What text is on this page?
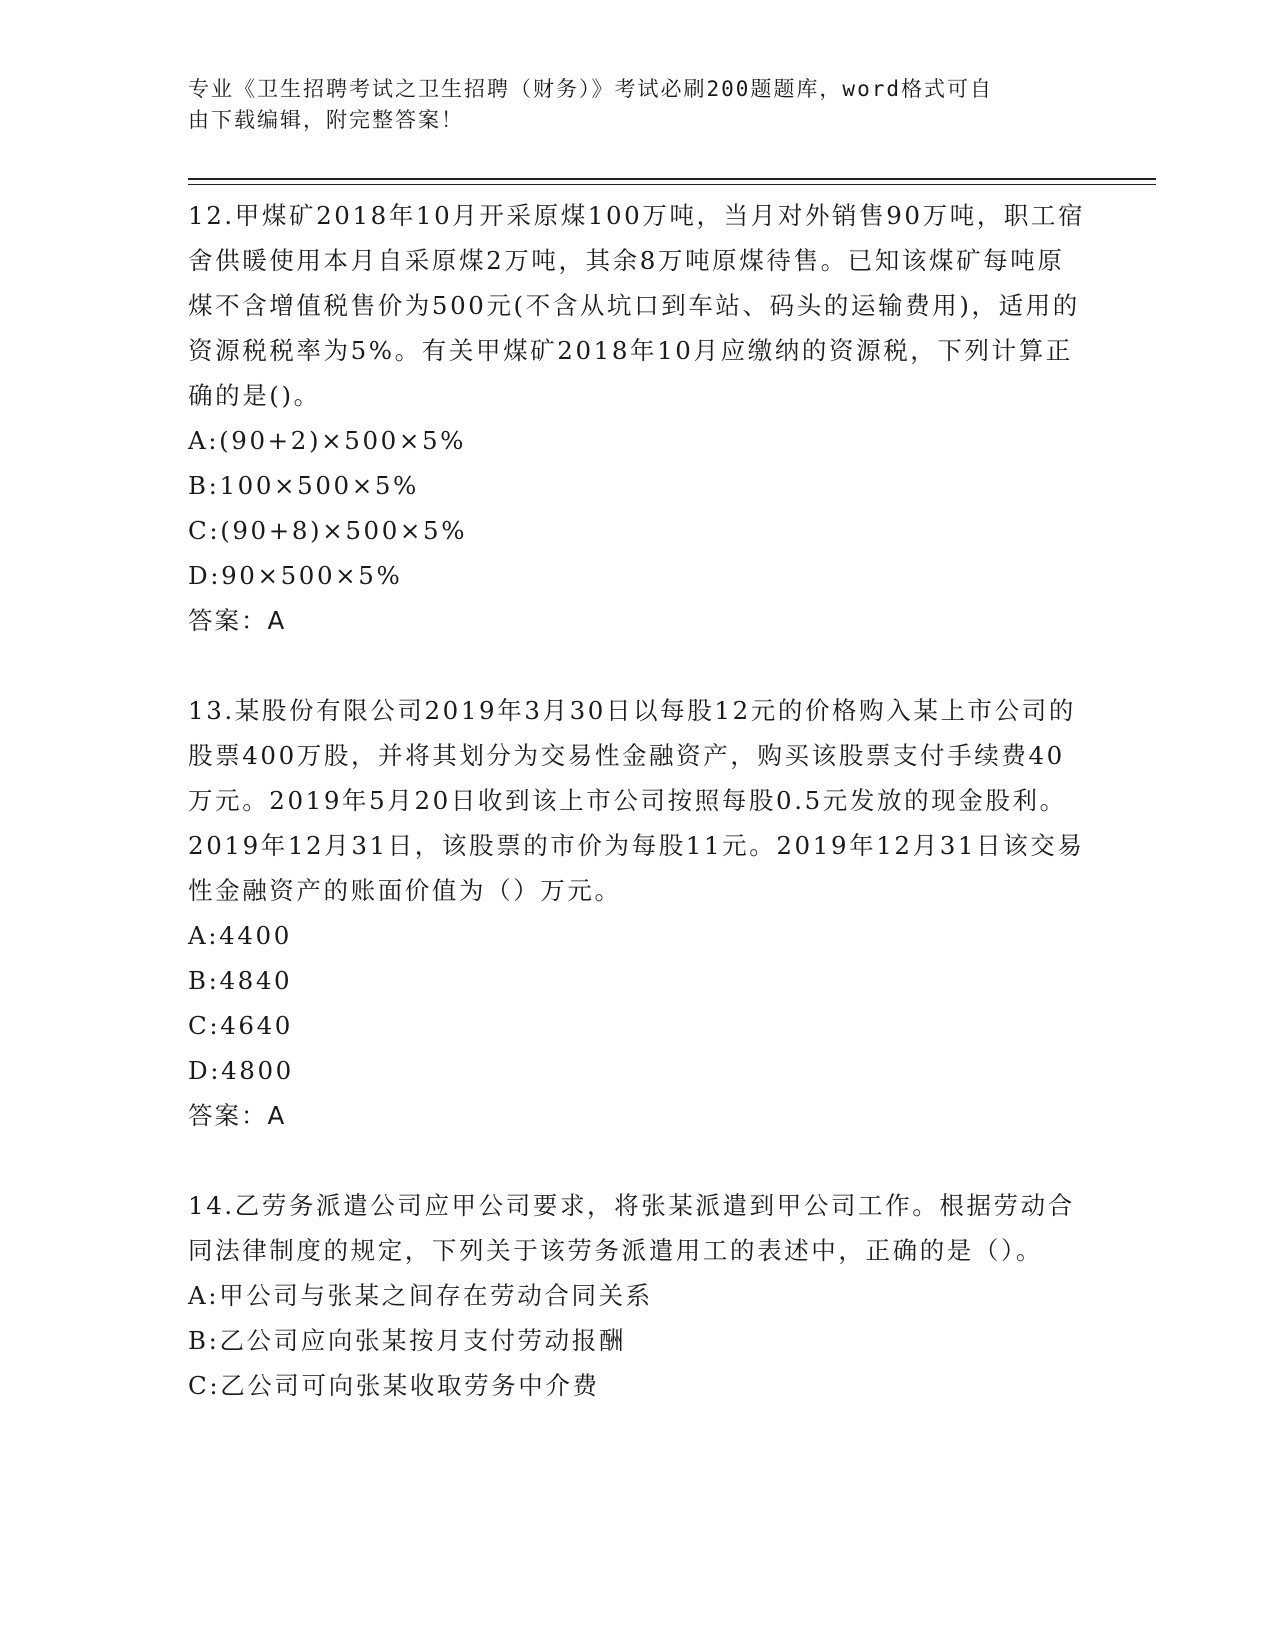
专业《卫生招聘考试之卫生招聘（财务）》考试必刷200题题库，word格式可自
由下载编辑，附完整答案！

12.甲煤矿2018年10月开采原煤100万吨，当月对外销售90万吨，职工宿舍供暖使用本月自采原煤2万吨，其余8万吨原煤待售。已知该煤矿每吨原煤不含增值税售价为500元(不含从坑口到车站、码头的运输费用)，适用的资源税税率为5%。有关甲煤矿2018年10月应缴纳的资源税，下列计算正确的是()。

A:(90+2)×500×5%

B:100×500×5%

C:(90+8)×500×5%

D:90×500×5%

答案：A

13.某股份有限公司2019年3月30日以每股12元的价格购入某上市公司的股票400万股，并将其划分为交易性金融资产，购买该股票支付手续费40万元。2019年5月20日收到该上市公司按照每股0.5元发放的现金股利。2019年12月31日，该股票的市价为每股11元。2019年12月31日该交易性金融资产的账面价值为（）万元。

A:4400

B:4840

C:4640

D:4800

答案：A

14.乙劳务派遣公司应甲公司要求，将张某派遣到甲公司工作。根据劳动合同法律制度的规定，下列关于该劳务派遣用工的表述中，正确的是（）。

A:甲公司与张某之间存在劳动合同关系

B:乙公司应向张某按月支付劳动报酬

C:乙公司可向张某收取劳务中介费
